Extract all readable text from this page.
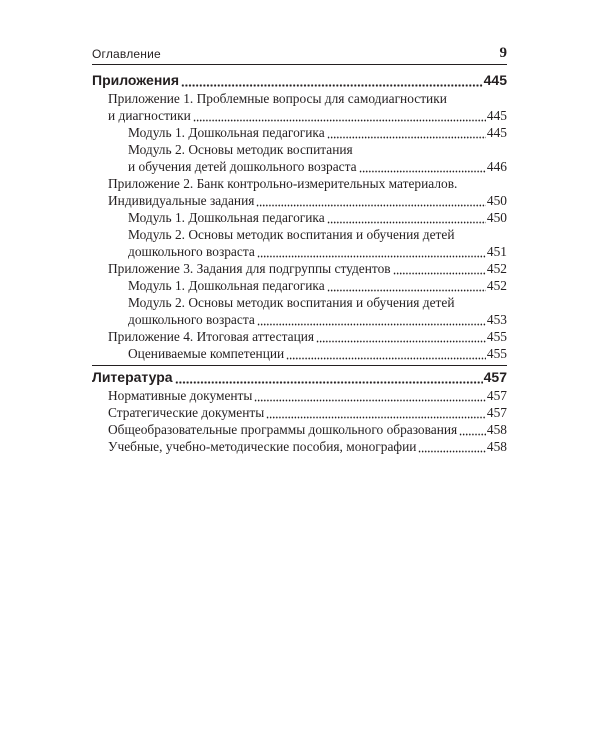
Оглавление	9
Приложения	445
Приложение 1. Проблемные вопросы для самодиагностики
и диагностики	445
Модуль 1. Дошкольная педагогика	445
Модуль 2. Основы методик воспитания
и обучения детей дошкольного возраста	446
Приложение 2. Банк контрольно-измерительных материалов.
Индивидуальные задания	450
Модуль 1. Дошкольная педагогика	450
Модуль 2. Основы методик воспитания и обучения детей
дошкольного возраста	451
Приложение 3. Задания для подгруппы студентов	452
Модуль 1. Дошкольная педагогика	452
Модуль 2. Основы методик воспитания и обучения детей
дошкольного возраста	453
Приложение 4. Итоговая аттестация	455
Оцениваемые компетенции	455
Литература	457
Нормативные документы	457
Стратегические документы	457
Общеобразовательные программы дошкольного образования 458
Учебные, учебно-методические пособия, монографии	458
